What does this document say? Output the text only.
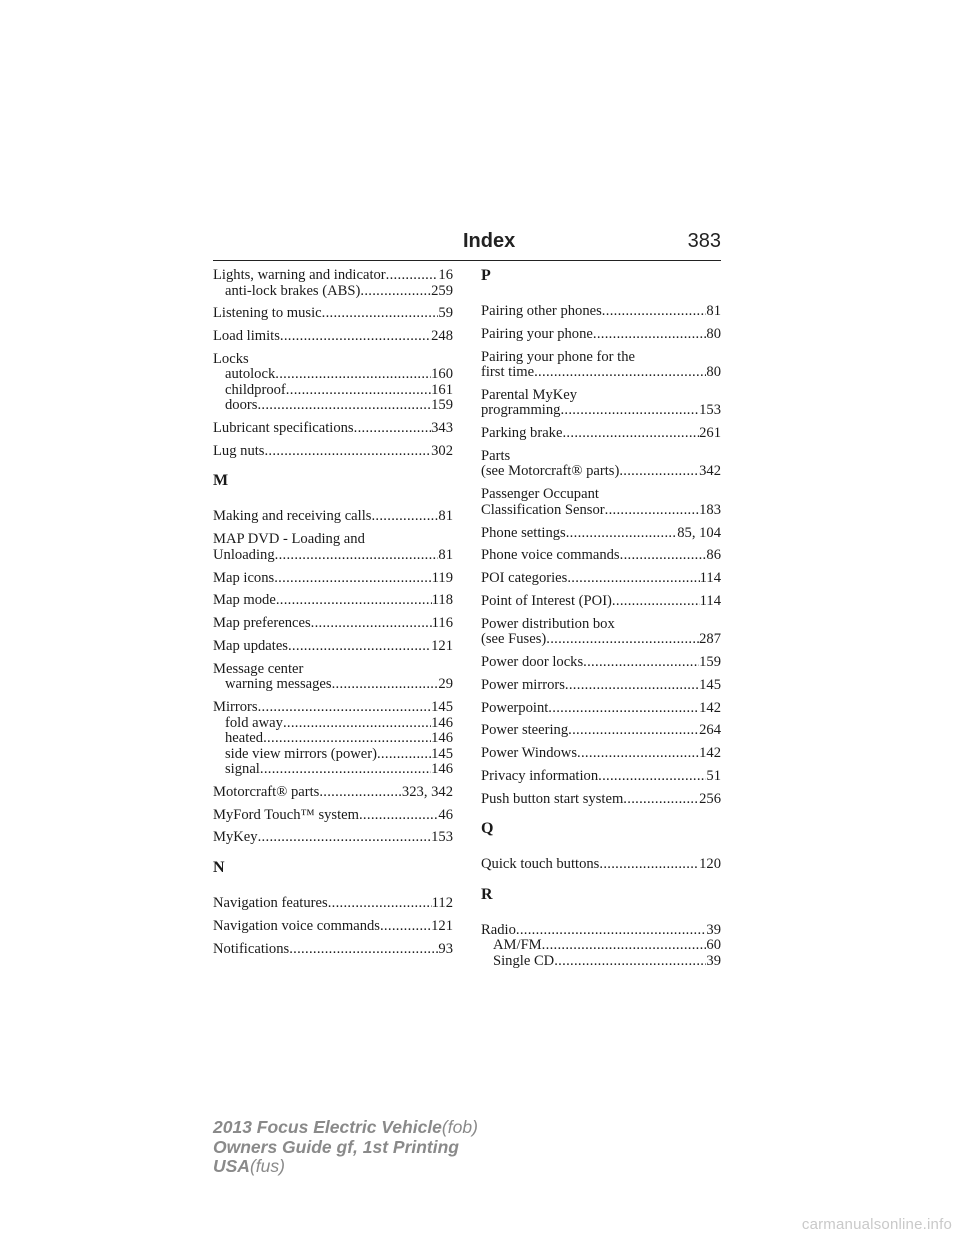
Index	383
Lights, warning and indicator .....	16
anti-lock brakes (ABS) .....	259
Listening to music .....	59
Load limits .....	248
Locks
autolock .....	160
childproof .....	161
doors .....	159
Lubricant specifications .....	343
Lug nuts .....	302
M
Making and receiving calls .....	81
MAP DVD - Loading and
Unloading .....	81
Map icons .....	119
Map mode .....	118
Map preferences .....	116
Map updates .....	121
Message center
warning messages .....	29
Mirrors .....	145
fold away .....	146
heated .....	146
side view mirrors (power) .....	145
signal .....	146
Motorcraft® parts .....	323, 342
MyFord Touch™ system .....	46
MyKey .....	153
N
Navigation features .....	112
Navigation voice commands .....	121
Notifications .....	93
P
Pairing other phones .....	81
Pairing your phone .....	80
Pairing your phone for the
first time .....	80
Parental MyKey
programming .....	153
Parking brake .....	261
Parts
(see Motorcraft® parts) .....	342
Passenger Occupant
Classification Sensor .....	183
Phone settings .....	85, 104
Phone voice commands .....	86
POI categories .....	114
Point of Interest (POI) .....	114
Power distribution box
(see Fuses) .....	287
Power door locks .....	159
Power mirrors .....	145
Powerpoint .....	142
Power steering .....	264
Power Windows .....	142
Privacy information .....	51
Push button start system .....	256
Q
Quick touch buttons .....	120
R
Radio .....	39
AM/FM .....	60
Single CD .....	39
2013 Focus Electric Vehicle(fob)
Owners Guide gf, 1st Printing
USA(fus)
carmanualsonline.info
